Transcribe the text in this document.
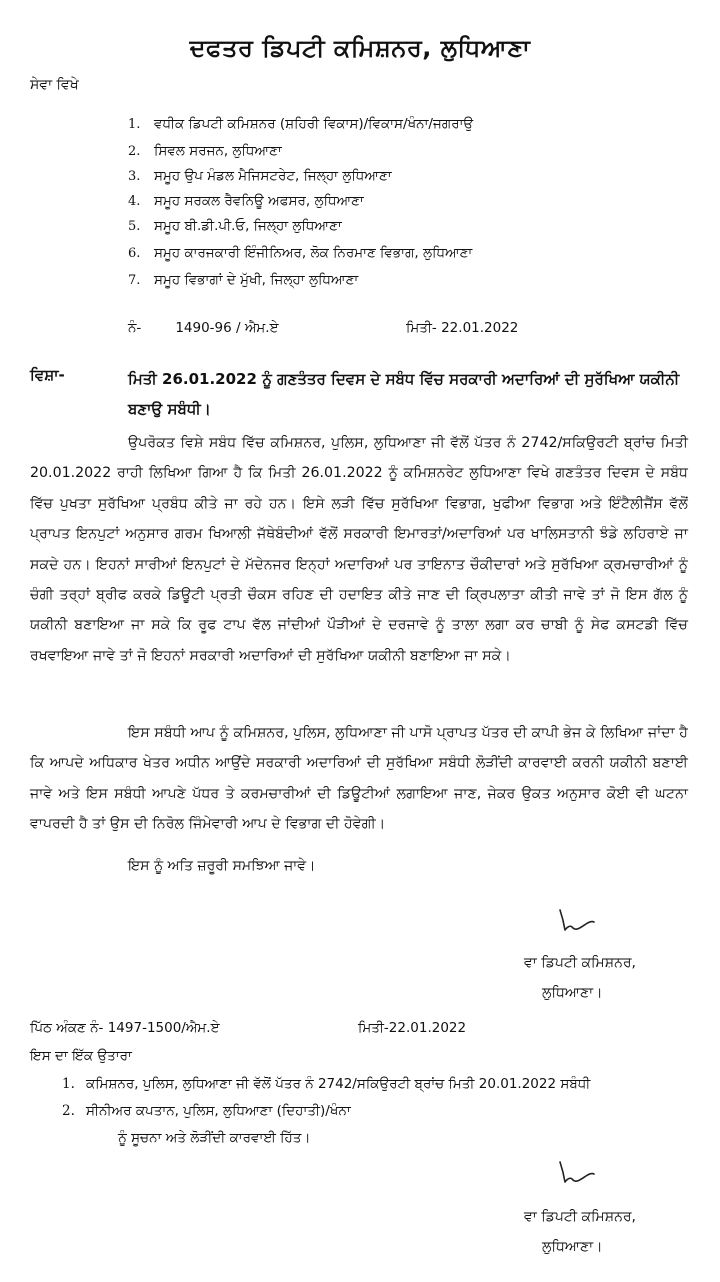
ਦਫਤਰ ਡਿਪਟੀ ਕਮਿਸ਼ਨਰ, ਲੁਧਿਆਣਾ
ਸੇਵਾ ਵਿਖੇ
1. ਵਧੀਕ ਡਿਪਟੀ ਕਮਿਸ਼ਨਰ (ਸ਼ਹਿਰੀ ਵਿਕਾਸ)/ਵਿਕਾਸ/ਖੰਨਾ/ਜਗਰਾਉ
2. ਸਿਵਲ ਸਰਜਨ, ਲੁਧਿਆਣਾ
3. ਸਮੂਹ ਉਪ ਮੰਡਲ ਮੈਜਿਸਟਰੇਟ, ਜਿਲ੍ਹਾ ਲੁਧਿਆਣਾ
4. ਸਮੂਹ ਸਰਕਲ ਰੈਵਨਿਊ ਅਫਸਰ, ਲੁਧਿਆਣਾ
5. ਸਮੂਹ ਬੀ.ਡੀ.ਪੀ.ਓ, ਜਿਲ੍ਹਾ ਲੁਧਿਆਣਾ
6. ਸਮੂਹ ਕਾਰਜਕਾਰੀ ਇੰਜੀਨਿਅਰ, ਲੋਕ ਨਿਰਮਾਣ ਵਿਭਾਗ, ਲੁਧਿਆਣਾ
7. ਸਮੂਹ ਵਿਭਾਗਾਂ ਦੇ ਮੁੱਖੀ, ਜਿਲ੍ਹਾ ਲੁਧਿਆਣਾ
ਨੰ-	1490-96 / ਐਮ.ਏ	ਮਿਤੀ- 22.01.2022
ਵਿਸ਼ਾ-	ਮਿਤੀ 26.01.2022 ਨੂੰ ਗਣਤੰਤਰ ਦਿਵਸ ਦੇ ਸਬੰਧ ਵਿੱਚ ਸਰਕਾਰੀ ਅਦਾਰਿਆਂ ਦੀ ਸੁਰੱਖਿਆ ਯਕੀਨੀ ਬਣਾਉ ਸਬੰਧੀ।
ਉਪਰੋਕਤ ਵਿਸ਼ੇ ਸਬੰਧ ਵਿੱਚ ਕਮਿਸ਼ਨਰ, ਪੁਲਿਸ, ਲੁਧਿਆਣਾ ਜੀ ਵੱਲੋਂ ਪੱਤਰ ਨੰ 2742/ਸਕਿਉਰਟੀ ਬ੍ਰਾਂਚ ਮਿਤੀ 20.01.2022 ਰਾਹੀ ਲਿਖਿਆ ਗਿਆ ਹੈ ਕਿ ਮਿਤੀ 26.01.2022 ਨੂੰ ਕਮਿਸ਼ਨਰੇਟ ਲੁਧਿਆਣਾ ਵਿਖੇ ਗਣਤੰਤਰ ਦਿਵਸ ਦੇ ਸਬੰਧ ਵਿੱਚ ਪੁਖਤਾ ਸੁਰੱਖਿਆ ਪ੍ਰਬੰਧ ਕੀਤੇ ਜਾ ਰਹੇ ਹਨ। ਇਸੇ ਲੜੀ ਵਿੱਚ ਸੁਰੱਖਿਆ ਵਿਭਾਗ, ਖੁਫੀਆ ਵਿਭਾਗ ਅਤੇ ਇੰਟੈਲੀਜੈਂਸ ਵੱਲੋਂ ਪ੍ਰਾਪਤ ਇਨਪੁਟਾਂ ਅਨੁਸਾਰ ਗਰਮ ਖਿਆਲੀ ਜੱਥੇਬੰਦੀਆਂ ਵੱਲੋਂ ਸਰਕਾਰੀ ਇਮਾਰਤਾਂ/ਅਦਾਰਿਆਂ ਪਰ ਖਾਲਿਸਤਾਨੀ ਝੰਡੇ ਲਹਿਰਾਏ ਜਾ ਸਕਦੇ ਹਨ। ਇਹਨਾਂ ਸਾਰੀਆਂ ਇਨਪੁਟਾਂ ਦੇ ਮੱਦੇਨਜਰ ਇਨ੍ਹਾਂ ਅਦਾਰਿਆਂ ਪਰ ਤਾਇਨਾਤ ਚੌਕੀਦਾਰਾਂ ਅਤੇ ਸੁਰੱਖਿਆ ਕ੍ਰਮਚਾਰੀਆਂ ਨੂੰ ਚੰਗੀ ਤਰ੍ਹਾਂ ਬ੍ਰੀਫ ਕਰਕੇ ਡਿਊਟੀ ਪ੍ਰਤੀ ਚੌਕਸ ਰਹਿਣ ਦੀ ਹਦਾਇਤ ਕੀਤੇ ਜਾਣ ਦੀ ਕ੍ਰਿਪਲਾਤਾ ਕੀਤੀ ਜਾਵੇ ਤਾਂ ਜੋ ਇਸ ਗੱਲ ਨੂੰ ਯਕੀਨੀ ਬਣਾਇਆ ਜਾ ਸਕੇ ਕਿ ਰੂਫ ਟਾਪ ਵੱਲ ਜਾਂਦੀਆਂ ਪੌੜੀਆਂ ਦੇ ਦਰਜਾਵੇ ਨੂੰ ਤਾਲਾ ਲਗਾ ਕਰ ਚਾਬੀ ਨੂੰ ਸੇਫ ਕਸਟਡੀ ਵਿੱਚ ਰਖਵਾਇਆ ਜਾਵੇ ਤਾਂ ਜੋ ਇਹਨਾਂ ਸਰਕਾਰੀ ਅਦਾਰਿਆਂ ਦੀ ਸੁਰੱਖਿਆ ਯਕੀਨੀ ਬਣਾਇਆ ਜਾ ਸਕੇ।
ਇਸ ਸਬੰਧੀ ਆਪ ਨੂੰ ਕਮਿਸ਼ਨਰ, ਪੁਲਿਸ, ਲੁਧਿਆਣਾ ਜੀ ਪਾਸੋ ਪ੍ਰਾਪਤ ਪੱਤਰ ਦੀ ਕਾਪੀ ਭੇਜ ਕੇ ਲਿਖਿਆ ਜਾਂਦਾ ਹੈ ਕਿ ਆਪਦੇ ਅਧਿਕਾਰ ਖੇਤਰ ਅਧੀਨ ਆਉਂਦੇ ਸਰਕਾਰੀ ਅਦਾਰਿਆਂ ਦੀ ਸੁਰੱਖਿਆ ਸਬੰਧੀ ਲੋੜੀਂਦੀ ਕਾਰਵਾਈ ਕਰਨੀ ਯਕੀਨੀ ਬਣਾਈ ਜਾਵੇ ਅਤੇ ਇਸ ਸਬੰਧੀ ਆਪਣੇ ਪੱਧਰ ਤੇ ਕਰਮਚਾਰੀਆਂ ਦੀ ਡਿਊਟੀਆਂ ਲਗਾਇਆ ਜਾਣ, ਜੇਕਰ ਉਕਤ ਅਨੁਸਾਰ ਕੋਈ ਵੀ ਘਟਨਾ ਵਾਪਰਦੀ ਹੈ ਤਾਂ ਉਸ ਦੀ ਨਿਰੋਲ ਜਿੰਮੇਵਾਰੀ ਆਪ ਦੇ ਵਿਭਾਗ ਦੀ ਹੋਵੇਗੀ।
ਇਸ ਨੂੰ ਅਤਿ ਜ਼ਰੂਰੀ ਸਮਝਿਆ ਜਾਵੇ।
ਵਾ ਡਿਪਟੀ ਕਮਿਸ਼ਨਰ,
ਲੁਧਿਆਣਾ।
ਪਿੱਠ ਅੰਕਣ ਨੰ- 1497-1500/ਐਮ.ਏ	ਮਿਤੀ-22.01.2022
ਇਸ ਦਾ ਇੱਕ ਉਤਾਰਾ
1. ਕਮਿਸ਼ਨਰ, ਪੁਲਿਸ, ਲੁਧਿਆਣਾ ਜੀ ਵੱਲੋਂ ਪੱਤਰ ਨੰ 2742/ਸਕਿਉਰਟੀ ਬ੍ਰਾਂਚ ਮਿਤੀ 20.01.2022 ਸਬੰਧੀ
2. ਸੀਨੀਅਰ ਕਪਤਾਨ, ਪੁਲਿਸ, ਲੁਧਿਆਣਾ (ਦਿਹਾਤੀ)/ਖੰਨਾ
ਨੂੰ ਸੂਚਨਾ ਅਤੇ ਲੋੜੀਂਦੀ ਕਾਰਵਾਈ ਹਿੱਤ।
ਵਾ ਡਿਪਟੀ ਕਮਿਸ਼ਨਰ,
ਲੁਧਿਆਣਾ।
